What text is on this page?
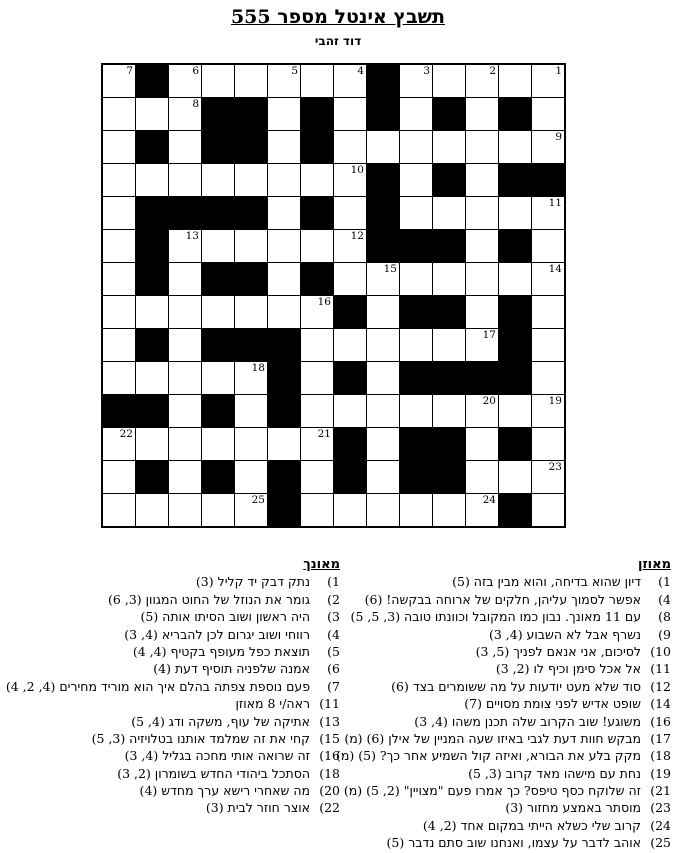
תשבץ אינטל מספר 555
דוד זהבי
7	6	5	4	3	2	1
8
9
10
11
13	12
15	14
16
17
18
20	19
22	21
23
25	24
מאוזן
1) דיון שהוא בדיחה, והוא מבין בזה (5)
4) אפשר לסמוך עליהן, חלקים של ארוחה בבקשה! (6)
8) עם 11 מאונך. נבון כמו המקובל וכוונתו טובה (3, 5, 5)
9) נשרף אבל לא השבוע (4, 3)
10) לסיכום, אני אנאם לפניך (5, 3)
11) אל אכל סימן וכיף לו (2, 3)
12) סוד שלא מעט יודעות על מה ששומרים בצד (6)
14) שופט אדיש לפני צומת מסויים (7)
16) משוגע! שוב הקרוב שלה תכנן משהו (4, 3)
17) מבקש חוות דעת לגבי באיזו שעה המניין של אילן (6) (מ)
18) מקק בלע את הבורא, ואיזה קול השמיע אחר כך? (5) (מ)
19) נחת עם מישהו מאד קרוב (3, 5)
21) זה שלוקח כסף טיפס? כך אמרו פעם "מצויין" (2, 5) (מ)
23) מוסתר באמצע מחזור (3)
24) קרוב שלי כשלא הייתי במקום אחד (2, 4)
25) אוהב לדבר על עצמו, ואנחנו שוב סתם נדבר (5)
מאונך
1) נתק דבק יד קליל (3)
2) גומר את הנוזל של החוט המגוון (3, 6)
3) היה ראשון ושוב הסיתו אותה (5)
4) רווחי ושוב יגרום לכן להבריא (4, 3)
5) תוצאת כפל מעופף בקטיף (4, 4)
6) אמנה שלפניה תוסיף דעת (4)
7) פעם נוספת צפתה בהלם איך הוא מוריד מחירים (4, 2, 4)
11) ראה/י 8 מאוזן
13) אתיקה של עוף, משקה ודג (4, 5)
15) קחי את זה שמלמד אותנו בטלויזיה (3, 5)
16) זה שרואה אותי מחכה בגליל (4, 3)
18) הסתכל ביהודי החדש בשומרון (2, 3)
20) מה שאחרי רישא ערך מחדש (4)
22) אוצר חוזר לבית (3)
